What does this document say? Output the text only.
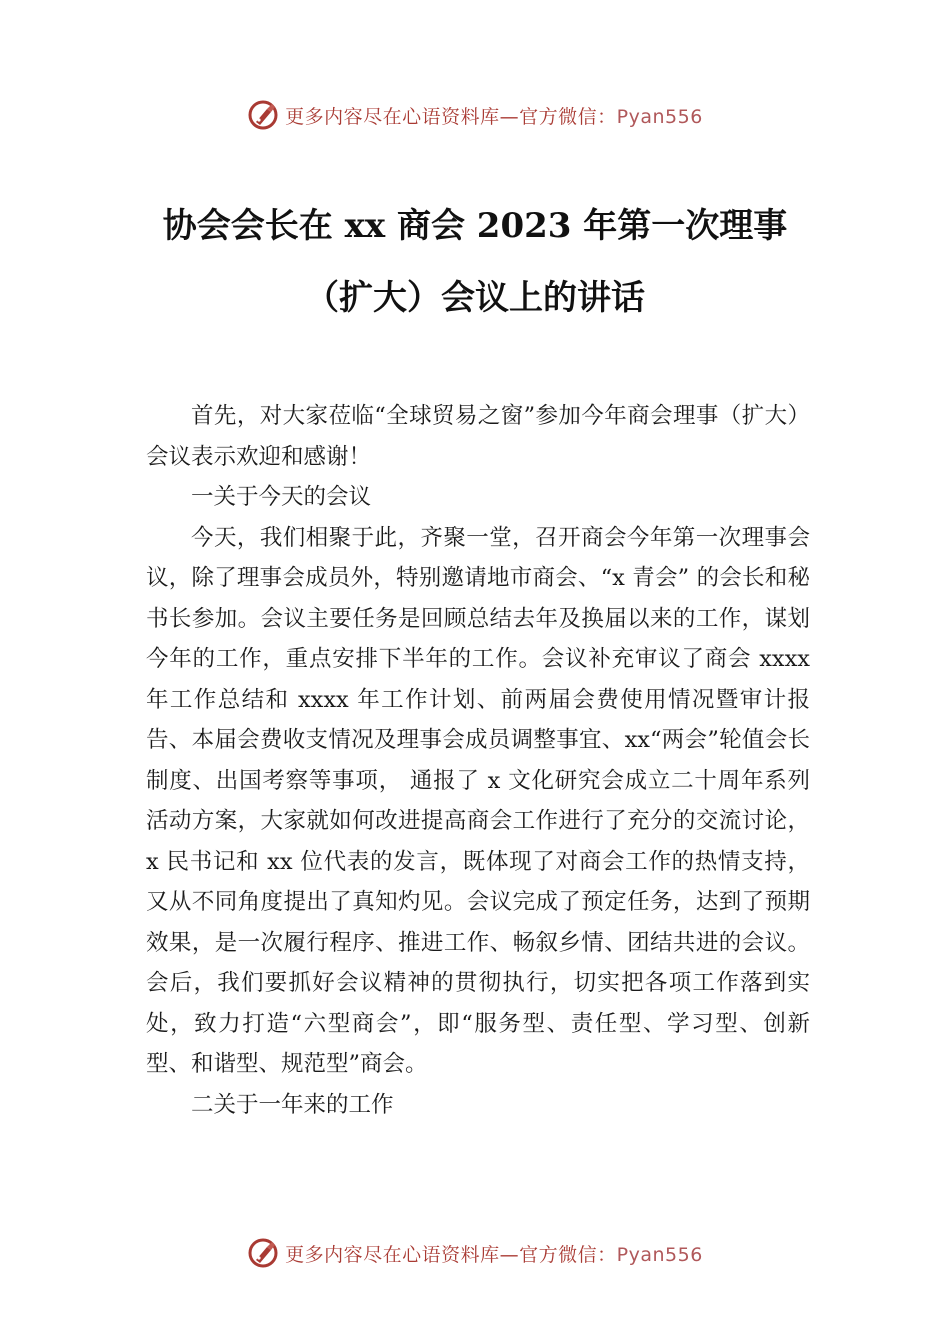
更多内容尽在心语资料库—官方微信：Pyan556
协会会长在 xx 商会 2023 年第一次理事
（扩大）会议上的讲话

首先，对大家莅临“全球贸易之窗”参加今年商会理事（扩大）会议表示欢迎和感谢！

一关于今天的会议

今天，我们相聚于此，齐聚一堂，召开商会今年第一次理事会议，除了理事会成员外，特别邀请地市商会、“x 青会” 的会长和秘书长参加。会议主要任务是回顾总结去年及换届以来的工作，谋划今年的工作，重点安排下半年的工作。会议补充审议了商会 xxxx 年工作总结和 xxxx 年工作计划、前两届会费使用情况暨审计报告、本届会费收支情况及理事会成员调整事宜、xx“两会”轮值会长制度、出国考察等事项， 通报了 x 文化研究会成立二十周年系列活动方案，大家就如何改进提高商会工作进行了充分的交流讨论，x 民书记和 xx 位代表的发言，既体现了对商会工作的热情支持，又从不同角度提出了真知灼见。会议完成了预定任务，达到了预期效果，是一次履行程序、推进工作、畅叙乡情、团结共进的会议。会后，我们要抓好会议精神的贯彻执行，切实把各项工作落到实处，致力打造“六型商会”，即“服务型、责任型、学习型、创新型、和谐型、规范型”商会。

二关于一年来的工作

更多内容尽在心语资料库—官方微信：Pyan556
